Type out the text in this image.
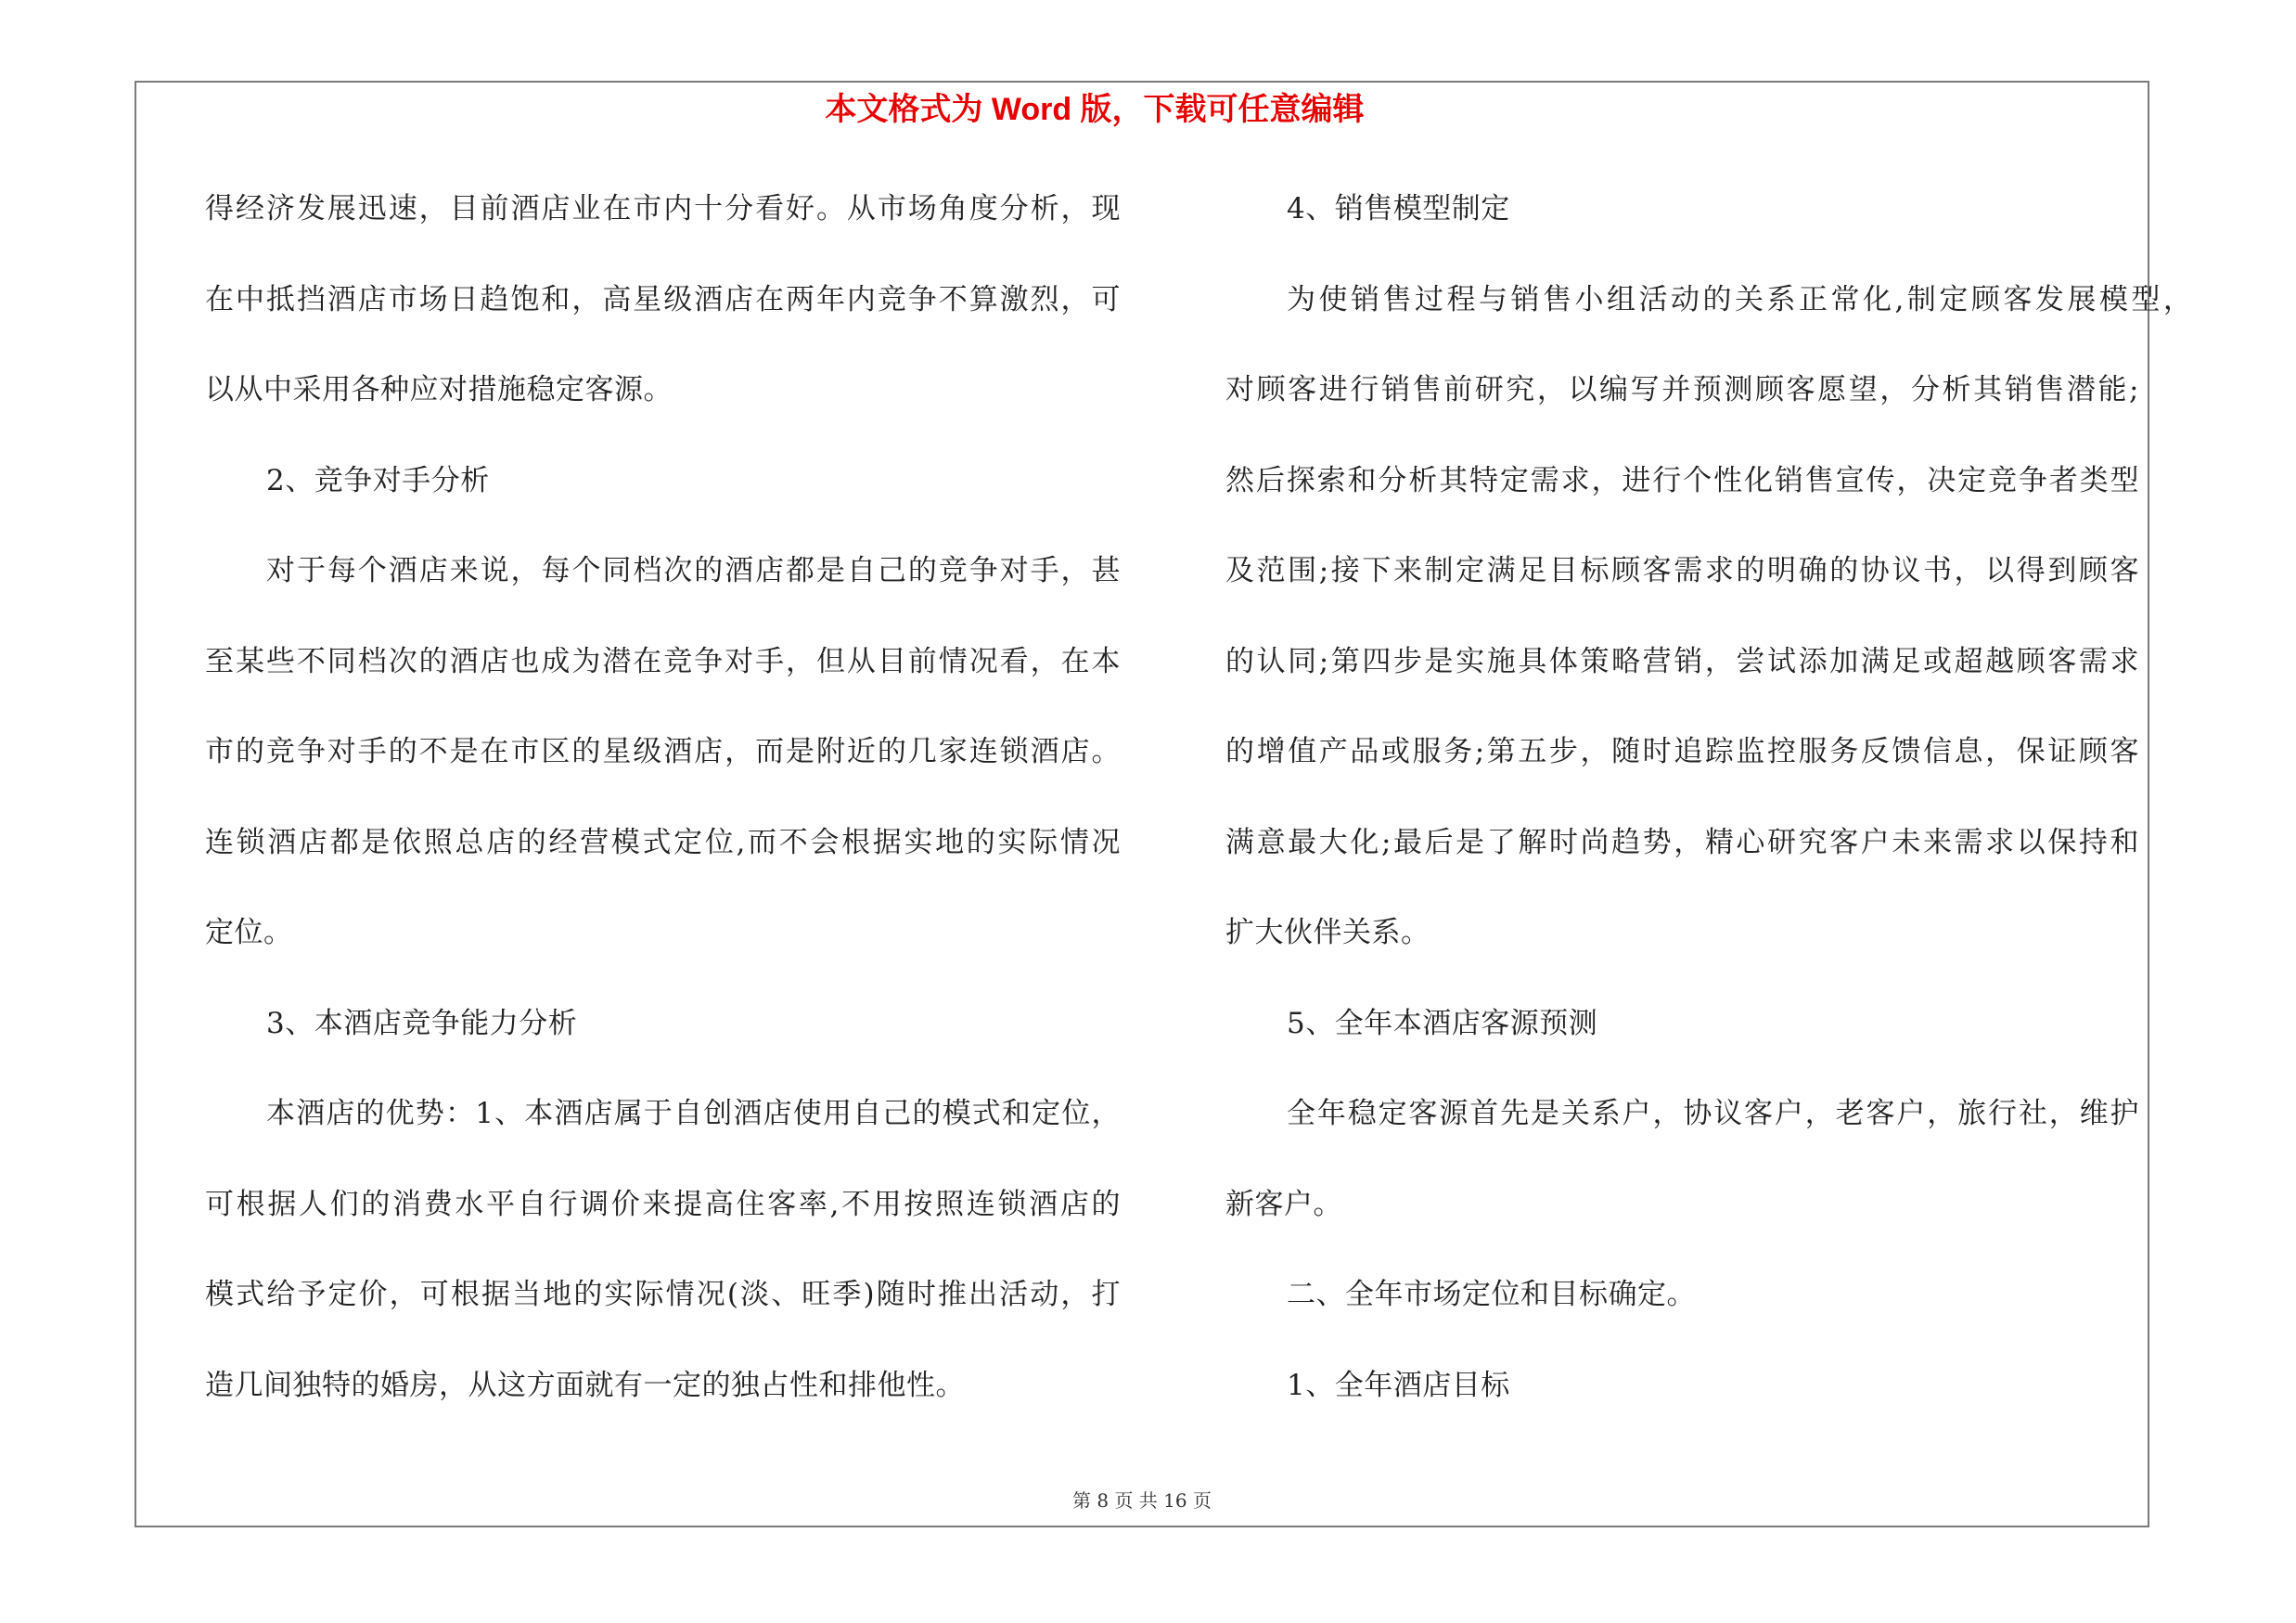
本文格式为 Word 版，下载可任意编辑
得经济发展迅速，目前酒店业在市内十分看好。从市场角度分析，现
在中抵挡酒店市场日趋饱和，高星级酒店在两年内竞争不算激烈，可
以从中采用各种应对措施稳定客源。
2、竞争对手分析
对于每个酒店来说，每个同档次的酒店都是自己的竞争对手，甚
至某些不同档次的酒店也成为潜在竞争对手，但从目前情况看，在本
市的竞争对手的不是在市区的星级酒店，而是附近的几家连锁酒店。
连锁酒店都是依照总店的经营模式定位,而不会根据实地的实际情况
定位。
3、本酒店竞争能力分析
本酒店的优势：1、本酒店属于自创酒店使用自己的模式和定位，
可根据人们的消费水平自行调价来提高住客率,不用按照连锁酒店的
模式给予定价，可根据当地的实际情况(淡、旺季)随时推出活动，打
造几间独特的婚房，从这方面就有一定的独占性和排他性。
4、销售模型制定
为使销售过程与销售小组活动的关系正常化,制定顾客发展模型，
对顾客进行销售前研究，以编写并预测顾客愿望，分析其销售潜能;
然后探索和分析其特定需求，进行个性化销售宣传，决定竞争者类型
及范围;接下来制定满足目标顾客需求的明确的协议书，以得到顾客
的认同;第四步是实施具体策略营销，尝试添加满足或超越顾客需求
的增值产品或服务;第五步，随时追踪监控服务反馈信息，保证顾客
满意最大化;最后是了解时尚趋势，精心研究客户未来需求以保持和
扩大伙伴关系。
5、全年本酒店客源预测
全年稳定客源首先是关系户，协议客户，老客户，旅行社，维护
新客户。
二、全年市场定位和目标确定。
1、全年酒店目标
第 8 页 共 16 页
